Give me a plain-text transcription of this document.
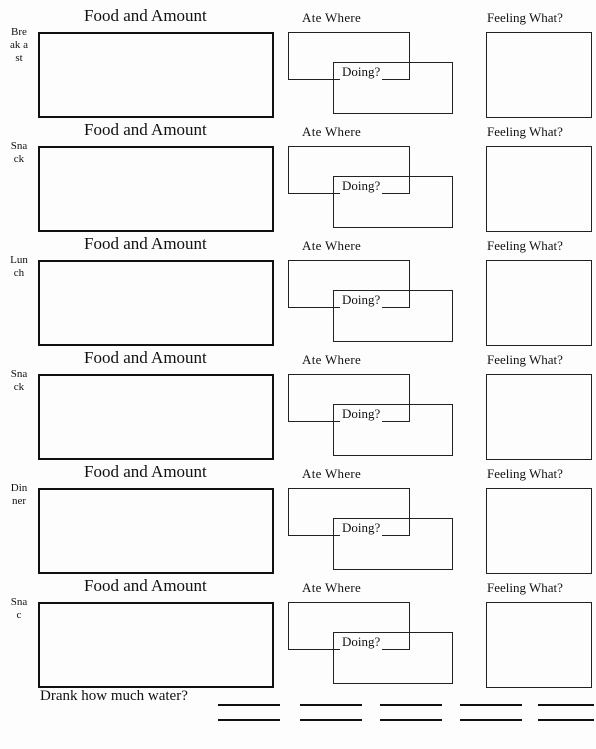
Break ast
Food and Amount	Ate Where
Doing?
Feeling What?
Snack
Food and Amount	Ate Where
Doing?
Feeling What?
Lunch
Food and Amount	Ate Where
Doing?
Feeling What?
Snack
Food and Amount	Ate Where
Doing?
Feeling What?
Dinner
Food and Amount	Ate Where
Doing?
Feeling What?
Snac
Food and Amount	Ate Where
Doing?
Feeling What?
Drank how much water?
